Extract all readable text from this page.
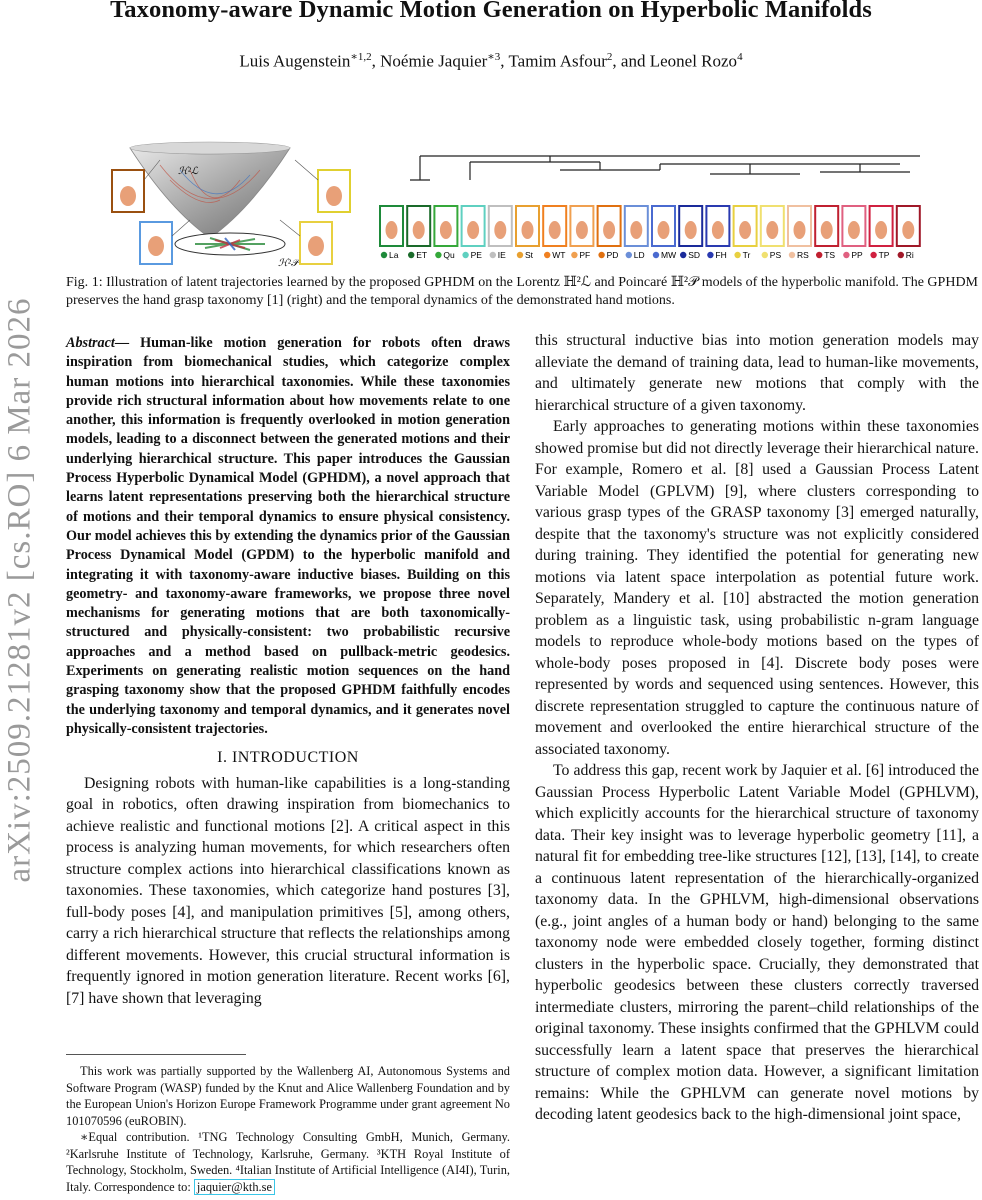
Taxonomy-aware Dynamic Motion Generation on Hyperbolic Manifolds
Luis Augenstein$^{∗1,2}$, Noémie Jaquier$^{∗3}$, Tamim Asfour$^2$, and Leonel Rozo$^4$
arXiv:2509.21281v2 [cs.RO] 6 Mar 2026
ℋ²ℒ
ℋ²𝒫
La ET Qu PE IE St WT PF PD LD MW SD FH Tr PS RS TS PP TP Ri
Fig. 1: Illustration of latent trajectories learned by the proposed GPHDM on the Lorentz ℍ²ℒ and Poincaré ℍ²𝒫 models of the hyperbolic manifold. The GPHDM preserves the hand grasp taxonomy [1] (right) and the temporal dynamics of the demonstrated hand motions.
Abstract— Human-like motion generation for robots often draws inspiration from biomechanical studies, which categorize complex human motions into hierarchical taxonomies. While these taxonomies provide rich structural information about how movements relate to one another, this information is frequently overlooked in motion generation models, leading to a disconnect between the generated motions and their underlying hierarchical structure. This paper introduces the Gaussian Process Hyperbolic Dynamical Model (GPHDM), a novel approach that learns latent representations preserving both the hierarchical structure of motions and their temporal dynamics to ensure physical consistency. Our model achieves this by extending the dynamics prior of the Gaussian Process Dynamical Model (GPDM) to the hyperbolic manifold and integrating it with taxonomy-aware inductive biases. Building on this geometry- and taxonomy-aware frameworks, we propose three novel mechanisms for generating motions that are both taxonomically-structured and physically-consistent: two probabilistic recursive approaches and a method based on pullback-metric geodesics. Experiments on generating realistic motion sequences on the hand grasping taxonomy show that the proposed GPHDM faithfully encodes the underlying taxonomy and temporal dynamics, and it generates novel physically-consistent trajectories.
I. INTRODUCTION

Designing robots with human-like capabilities is a long-standing goal in robotics, often drawing inspiration from biomechanics to achieve realistic and functional motions [2]. A critical aspect in this process is analyzing human movements, for which researchers often structure complex actions into hierarchical classifications known as taxonomies. These taxonomies, which categorize hand postures [3], full-body poses [4], and manipulation primitives [5], among others, carry a rich hierarchical structure that reflects the relationships among different movements. However, this crucial structural information is frequently ignored in motion generation literature. Recent works [6], [7] have shown that leveraging

This work was partially supported by the Wallenberg AI, Autonomous Systems and Software Program (WASP) funded by the Knut and Alice Wallenberg Foundation and by the European Union's Horizon Europe Framework Programme under grant agreement No 101070596 (euROBIN).

∗Equal contribution. ¹TNG Technology Consulting GmbH, Munich, Germany. ²Karlsruhe Institute of Technology, Karlsruhe, Germany. ³KTH Royal Institute of Technology, Stockholm, Sweden. ⁴Italian Institute of Artificial Intelligence (AI4I), Turin, Italy. Correspondence to: jaquier@kth.se

this structural inductive bias into motion generation models may alleviate the demand of training data, lead to human-like movements, and ultimately generate new motions that comply with the hierarchical structure of a given taxonomy.

Early approaches to generating motions within these taxonomies showed promise but did not directly leverage their hierarchical nature. For example, Romero et al. [8] used a Gaussian Process Latent Variable Model (GPLVM) [9], where clusters corresponding to various grasp types of the GRASP taxonomy [3] emerged naturally, despite that the taxonomy's structure was not explicitly considered during training. They identified the potential for generating new motions via latent space interpolation as potential future work. Separately, Mandery et al. [10] abstracted the motion generation problem as a linguistic task, using probabilistic n-gram language models to reproduce whole-body motions based on the types of whole-body poses proposed in [4]. Discrete body poses were represented by words and sequenced using sentences. However, this discrete representation struggled to capture the continuous nature of movement and overlooked the entire hierarchical structure of the associated taxonomy.

To address this gap, recent work by Jaquier et al. [6] introduced the Gaussian Process Hyperbolic Latent Variable Model (GPHLVM), which explicitly accounts for the hierarchical structure of taxonomy data. Their key insight was to leverage hyperbolic geometry [11], a natural fit for embedding tree-like structures [12], [13], [14], to create a continuous latent representation of the hierarchically-organized taxonomy data. In the GPHLVM, high-dimensional observations (e.g., joint angles of a human body or hand) belonging to the same taxonomy node were embedded closely together, forming distinct clusters in the hyperbolic space. Crucially, they demonstrated that hyperbolic geodesics between these clusters correctly traversed intermediate clusters, mirroring the parent–child relationships of the original taxonomy. These insights confirmed that the GPHLVM could successfully learn a latent space that preserves the hierarchical structure of complex motion data. However, a significant limitation remains: While the GPHLVM can generate novel motions by decoding latent geodesics back to the high-dimensional joint space,
